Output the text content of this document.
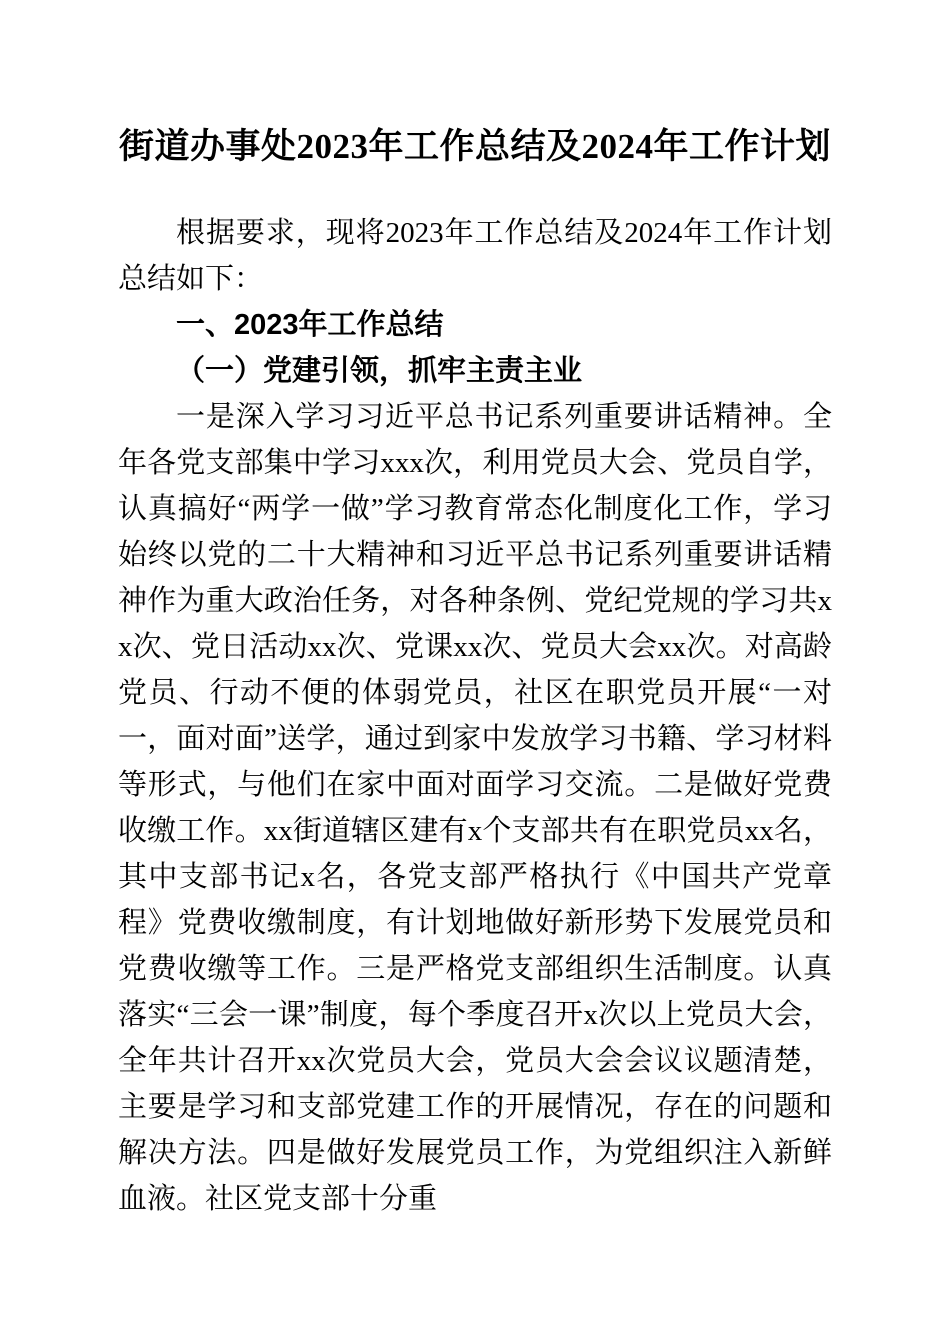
街道办事处2023年工作总结及2024年工作计划

根据要求，现将2023年工作总结及2024年工作计划总结如下：

一、2023年工作总结
（一）党建引领，抓牢主责主业

一是深入学习习近平总书记系列重要讲话精神。全年各党支部集中学习xxx次，利用党员大会、党员自学，认真搞好“两学一做”学习教育常态化制度化工作，学习始终以党的二十大精神和习近平总书记系列重要讲话精神作为重大政治任务，对各种条例、党纪党规的学习共xx次、党日活动xx次、党课xx次、党员大会xx次。对高龄党员、行动不便的体弱党员，社区在职党员开展“一对一，面对面”送学，通过到家中发放学习书籍、学习材料等形式，与他们在家中面对面学习交流。二是做好党费收缴工作。xx街道辖区建有x个支部共有在职党员xx名，其中支部书记x名，各党支部严格执行《中国共产党章程》党费收缴制度，有计划地做好新形势下发展党员和党费收缴等工作。三是严格党支部组织生活制度。认真落实“三会一课”制度，每个季度召开x次以上党员大会，全年共计召开xx次党员大会，党员大会会议议题清楚，主要是学习和支部党建工作的开展情况，存在的问题和解决方法。四是做好发展党员工作，为党组织注入新鲜血液。社区党支部十分重
